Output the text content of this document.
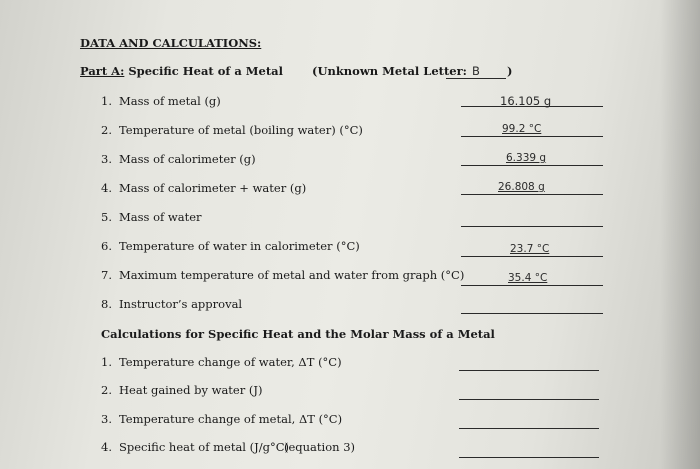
DATA AND CALCULATIONS:
Part A: Specific Heat of a Metal	(Unknown Metal Letter: B )
1. Mass of metal (g)	16.105 g
2. Temperature of metal (boiling water) (°C)	99.2 °C
3. Mass of calorimeter (g)	6.339 g
4. Mass of calorimeter + water (g)	26.808 g
5. Mass of water
6. Temperature of water in calorimeter (°C)	23.7 °C
7. Maximum temperature of metal and water from graph (°C)	35.4 °C
8. Instructor’s approval
Calculations for Specific Heat and the Molar Mass of a Metal
1. Temperature change of water, ΔT (°C)
2. Heat gained by water (J)
3. Temperature change of metal, ΔT (°C)
4. Specific heat of metal (J/g°C)
(equation 3)
